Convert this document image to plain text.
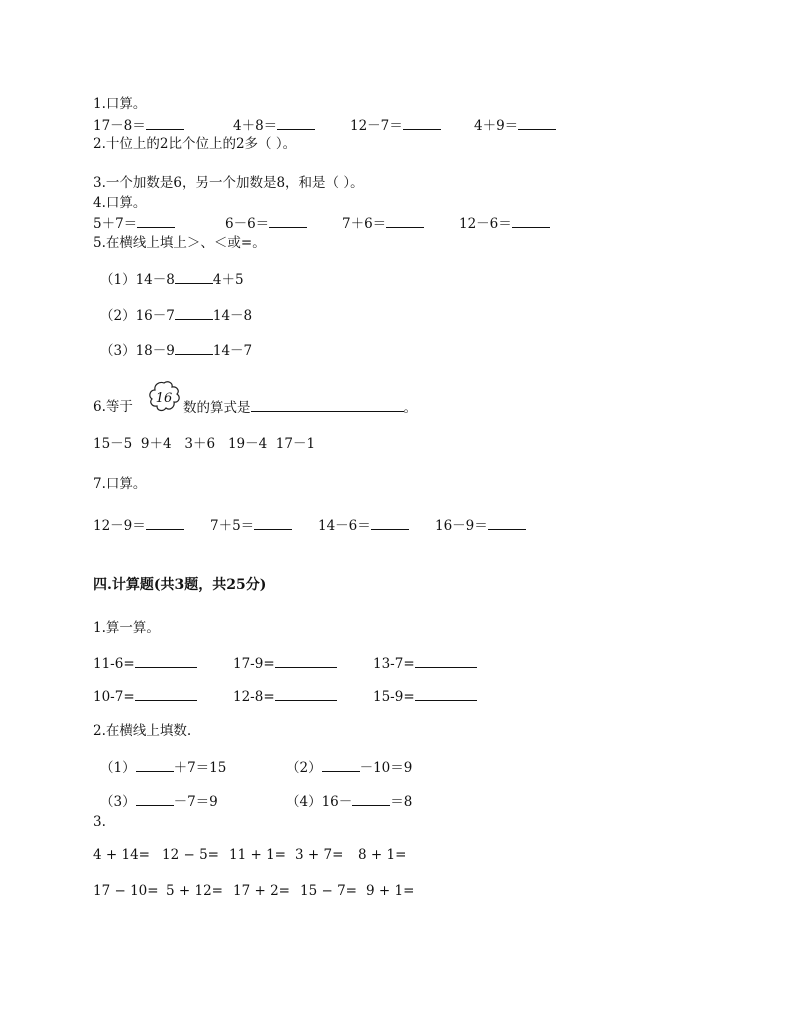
1.口算。
17－8＝	4＋8＝	12－7＝	4＋9＝
2.十位上的2比个位上的2多（ ）。
3.一个加数是6，另一个加数是8，和是（ ）。
4.口算。
5＋7＝	6－6＝	7＋6＝	12－6＝
5.在横线上填上＞、＜或=。
（1）14－8	4＋5
（2）16－7	14－8
（3）18－9	14－7
6.等于
16
数的算式是	。
15－5  9＋4   3＋6   19－4  17－1
7.口算。
12－9＝	7＋5＝	14－6＝	16－9＝
四.计算题(共3题，共25分)
1.算一算。
11-6=	17-9=	13-7=
10-7=	12-8=	15-9=
2.在横线上填数.
（1）	＋7＝15	（2）	－10＝9
（3）	－7＝9	（4）16－	＝8
3.
4 + 14= 12 − 5= 11 + 1= 3 + 7= 8 + 1=
17 − 10= 5 + 12= 17 + 2= 15 − 7= 9 + 1=
